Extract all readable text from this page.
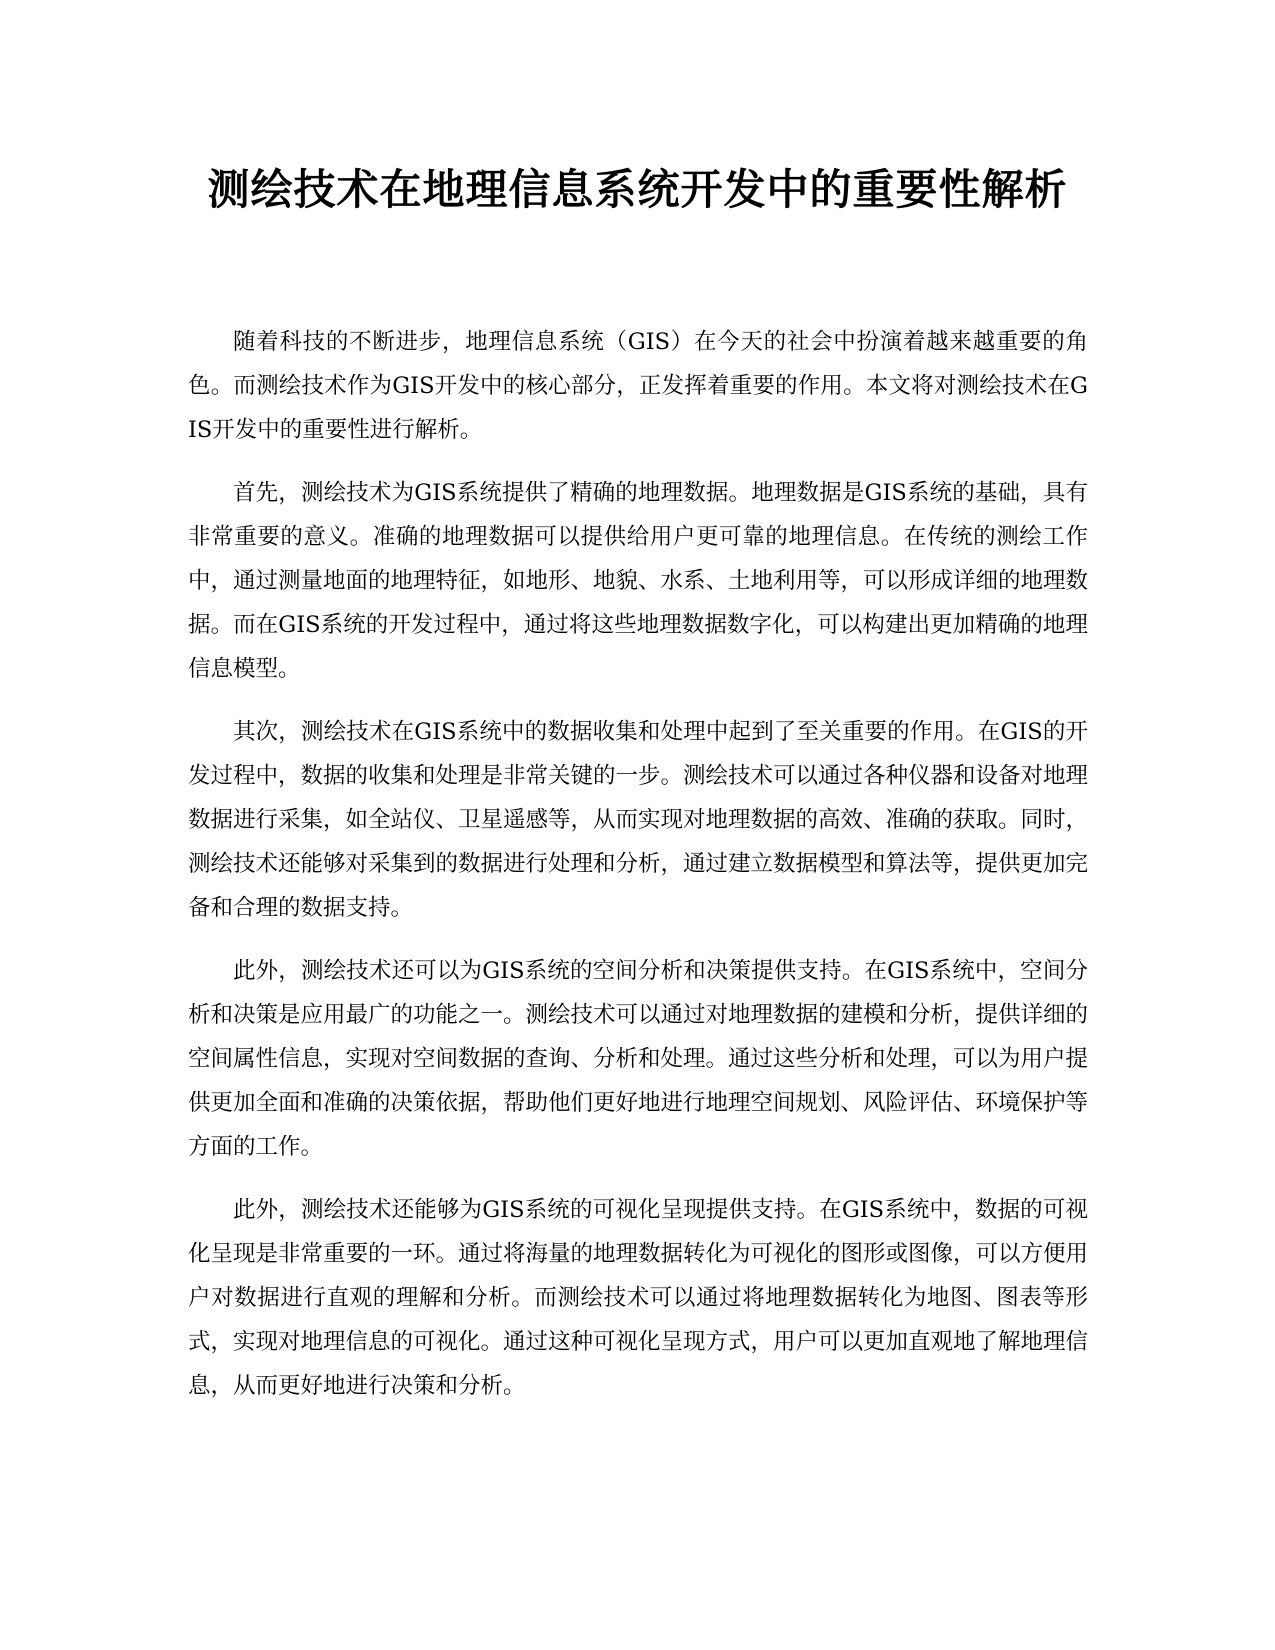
测绘技术在地理信息系统开发中的重要性解析

随着科技的不断进步，地理信息系统（GIS）在今天的社会中扮演着越来越重要的角色。而测绘技术作为GIS开发中的核心部分，正发挥着重要的作用。本文将对测绘技术在GIS开发中的重要性进行解析。

首先，测绘技术为GIS系统提供了精确的地理数据。地理数据是GIS系统的基础，具有非常重要的意义。准确的地理数据可以提供给用户更可靠的地理信息。在传统的测绘工作中，通过测量地面的地理特征，如地形、地貌、水系、土地利用等，可以形成详细的地理数据。而在GIS系统的开发过程中，通过将这些地理数据数字化，可以构建出更加精确的地理信息模型。

其次，测绘技术在GIS系统中的数据收集和处理中起到了至关重要的作用。在GIS的开发过程中，数据的收集和处理是非常关键的一步。测绘技术可以通过各种仪器和设备对地理数据进行采集，如全站仪、卫星遥感等，从而实现对地理数据的高效、准确的获取。同时，测绘技术还能够对采集到的数据进行处理和分析，通过建立数据模型和算法等，提供更加完备和合理的数据支持。

此外，测绘技术还可以为GIS系统的空间分析和决策提供支持。在GIS系统中，空间分析和决策是应用最广的功能之一。测绘技术可以通过对地理数据的建模和分析，提供详细的空间属性信息，实现对空间数据的查询、分析和处理。通过这些分析和处理，可以为用户提供更加全面和准确的决策依据，帮助他们更好地进行地理空间规划、风险评估、环境保护等方面的工作。

此外，测绘技术还能够为GIS系统的可视化呈现提供支持。在GIS系统中，数据的可视化呈现是非常重要的一环。通过将海量的地理数据转化为可视化的图形或图像，可以方便用户对数据进行直观的理解和分析。而测绘技术可以通过将地理数据转化为地图、图表等形式，实现对地理信息的可视化。通过这种可视化呈现方式，用户可以更加直观地了解地理信息，从而更好地进行决策和分析。
